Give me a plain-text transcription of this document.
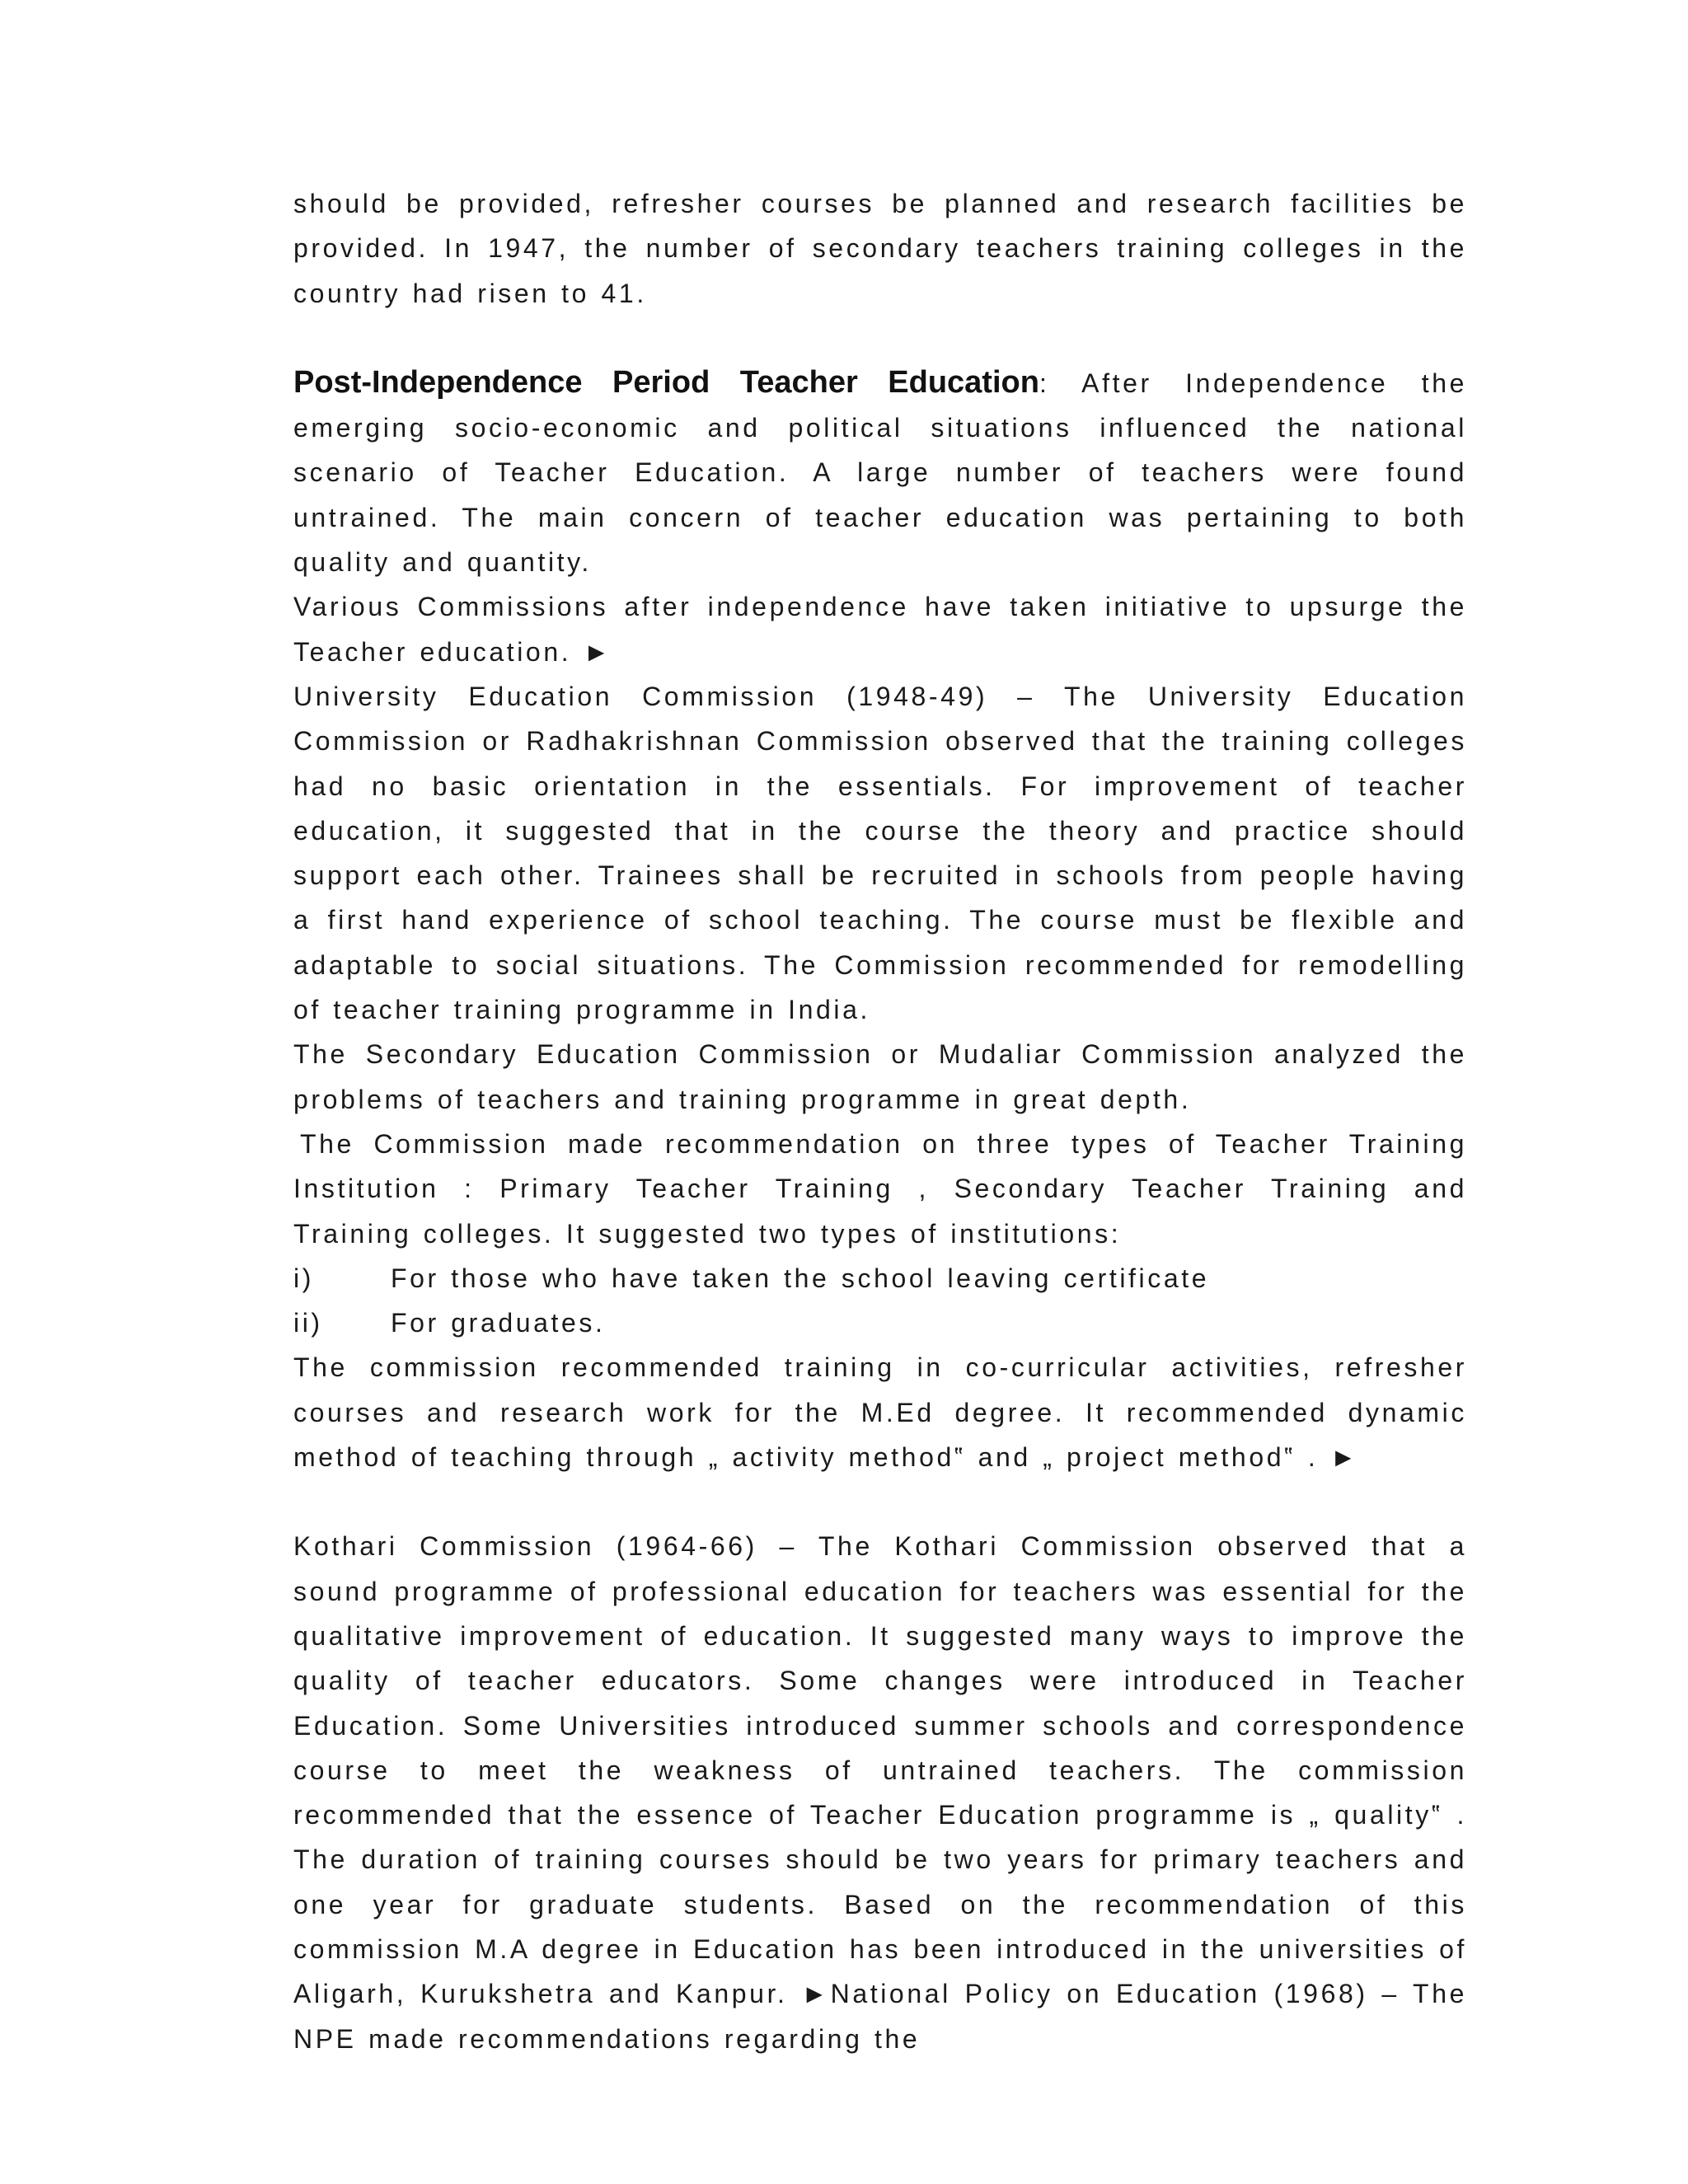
should be provided, refresher courses be planned and research facilities be provided. In 1947, the number of secondary teachers training colleges in the country had risen to 41.

Post-Independence Period Teacher Education: After Independence the emerging socio-economic and political situations influenced the national scenario of Teacher Education. A large number of teachers were found untrained. The main concern of teacher education was pertaining to both quality and quantity.

Various Commissions after independence have taken initiative to upsurge the Teacher education. ►

University Education Commission (1948-49) – The University Education Commission or Radhakrishnan Commission observed that the training colleges had no basic orientation in the essentials. For improvement of teacher education, it suggested that in the course the theory and practice should support each other. Trainees shall be recruited in schools from people having a first hand experience of school teaching. The course must be flexible and adaptable to social situations. The Commission recommended for remodelling of teacher training programme in India.

The Secondary Education Commission or Mudaliar Commission analyzed the problems of teachers and training programme in great depth.

The Commission made recommendation on three types of Teacher Training Institution : Primary Teacher Training , Secondary Teacher Training and Training colleges. It suggested two types of institutions:

i)	For those who have taken the school leaving certificate
ii)	For graduates.

The commission recommended training in co-curricular activities, refresher courses and research work for the M.Ed degree. It recommended dynamic method of teaching through „ activity method‟ and „ project method‟ . ►

Kothari Commission (1964-66) – The Kothari Commission observed that a sound programme of professional education for teachers was essential for the qualitative improvement of education. It suggested many ways to improve the quality of teacher educators. Some changes were introduced in Teacher Education. Some Universities introduced summer schools and correspondence course to meet the weakness of untrained teachers. The commission recommended that the essence of Teacher Education programme is „ quality‟ . The duration of training courses should be two years for primary teachers and one year for graduate students. Based on the recommendation of this commission M.A degree in Education has been introduced in the universities of Aligarh, Kurukshetra and Kanpur. ►National Policy on Education (1968) – The NPE made recommendations regarding the
